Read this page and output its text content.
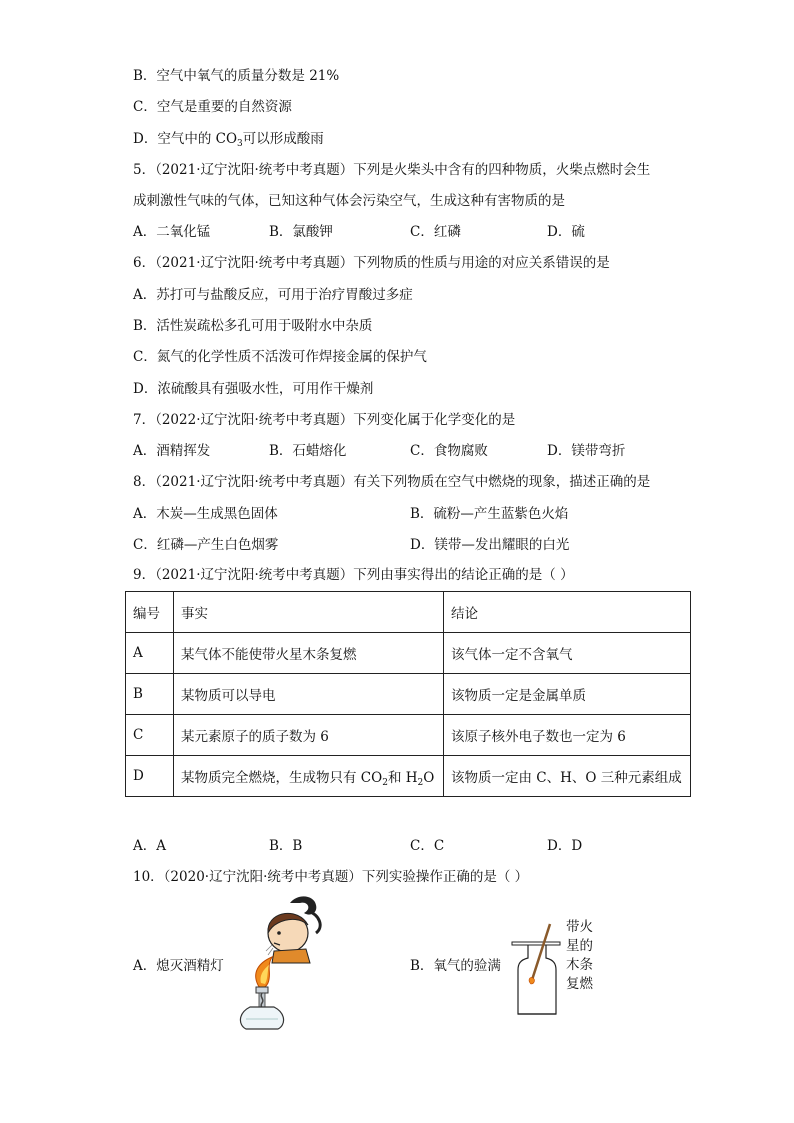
B．空气中氧气的质量分数是 21%
C．空气是重要的自然资源
D．空气中的 $CO_3$可以形成酸雨
5．（2021·辽宁沈阳·统考中考真题）下列是火柴头中含有的四种物质，火柴点燃时会生
成刺激性气味的气体，已知这种气体会污染空气，生成这种有害物质的是
A．二氧化锰	B．氯酸钾	C．红磷	D．硫
6．（2021·辽宁沈阳·统考中考真题）下列物质的性质与用途的对应关系错误的是
A．苏打可与盐酸反应，可用于治疗胃酸过多症
B．活性炭疏松多孔可用于吸附水中杂质
C．氮气的化学性质不活泼可作焊接金属的保护气
D．浓硫酸具有强吸水性，可用作干燥剂
7．（2022·辽宁沈阳·统考中考真题）下列变化属于化学变化的是
A．酒精挥发	B．石蜡熔化	C．食物腐败	D．镁带弯折
8．（2021·辽宁沈阳·统考中考真题）有关下列物质在空气中燃烧的现象，描述正确的是
A．木炭—生成黑色固体	B．硫粉—产生蓝紫色火焰
C．红磷—产生白色烟雾	D．镁带—发出耀眼的白光
9．（2021·辽宁沈阳·统考中考真题）下列由事实得出的结论正确的是（ ）
编号	事实	结论
A	某气体不能使带火星木条复燃	该气体一定不含氧气
B	某物质可以导电	该物质一定是金属单质
C	某元素原子的质子数为 6	该原子核外电子数也一定为 6
D	某物质完全燃烧，生成物只有 $CO_2$和 $H_2O$	该物质一定由 C、H、O 三种元素组成
A．A	B．B	C．C	D．D
10．（2020·辽宁沈阳·统考中考真题）下列实验操作正确的是（ ）
A．熄灭酒精灯	B．氧气的验满
带火
星的
木条
复燃
